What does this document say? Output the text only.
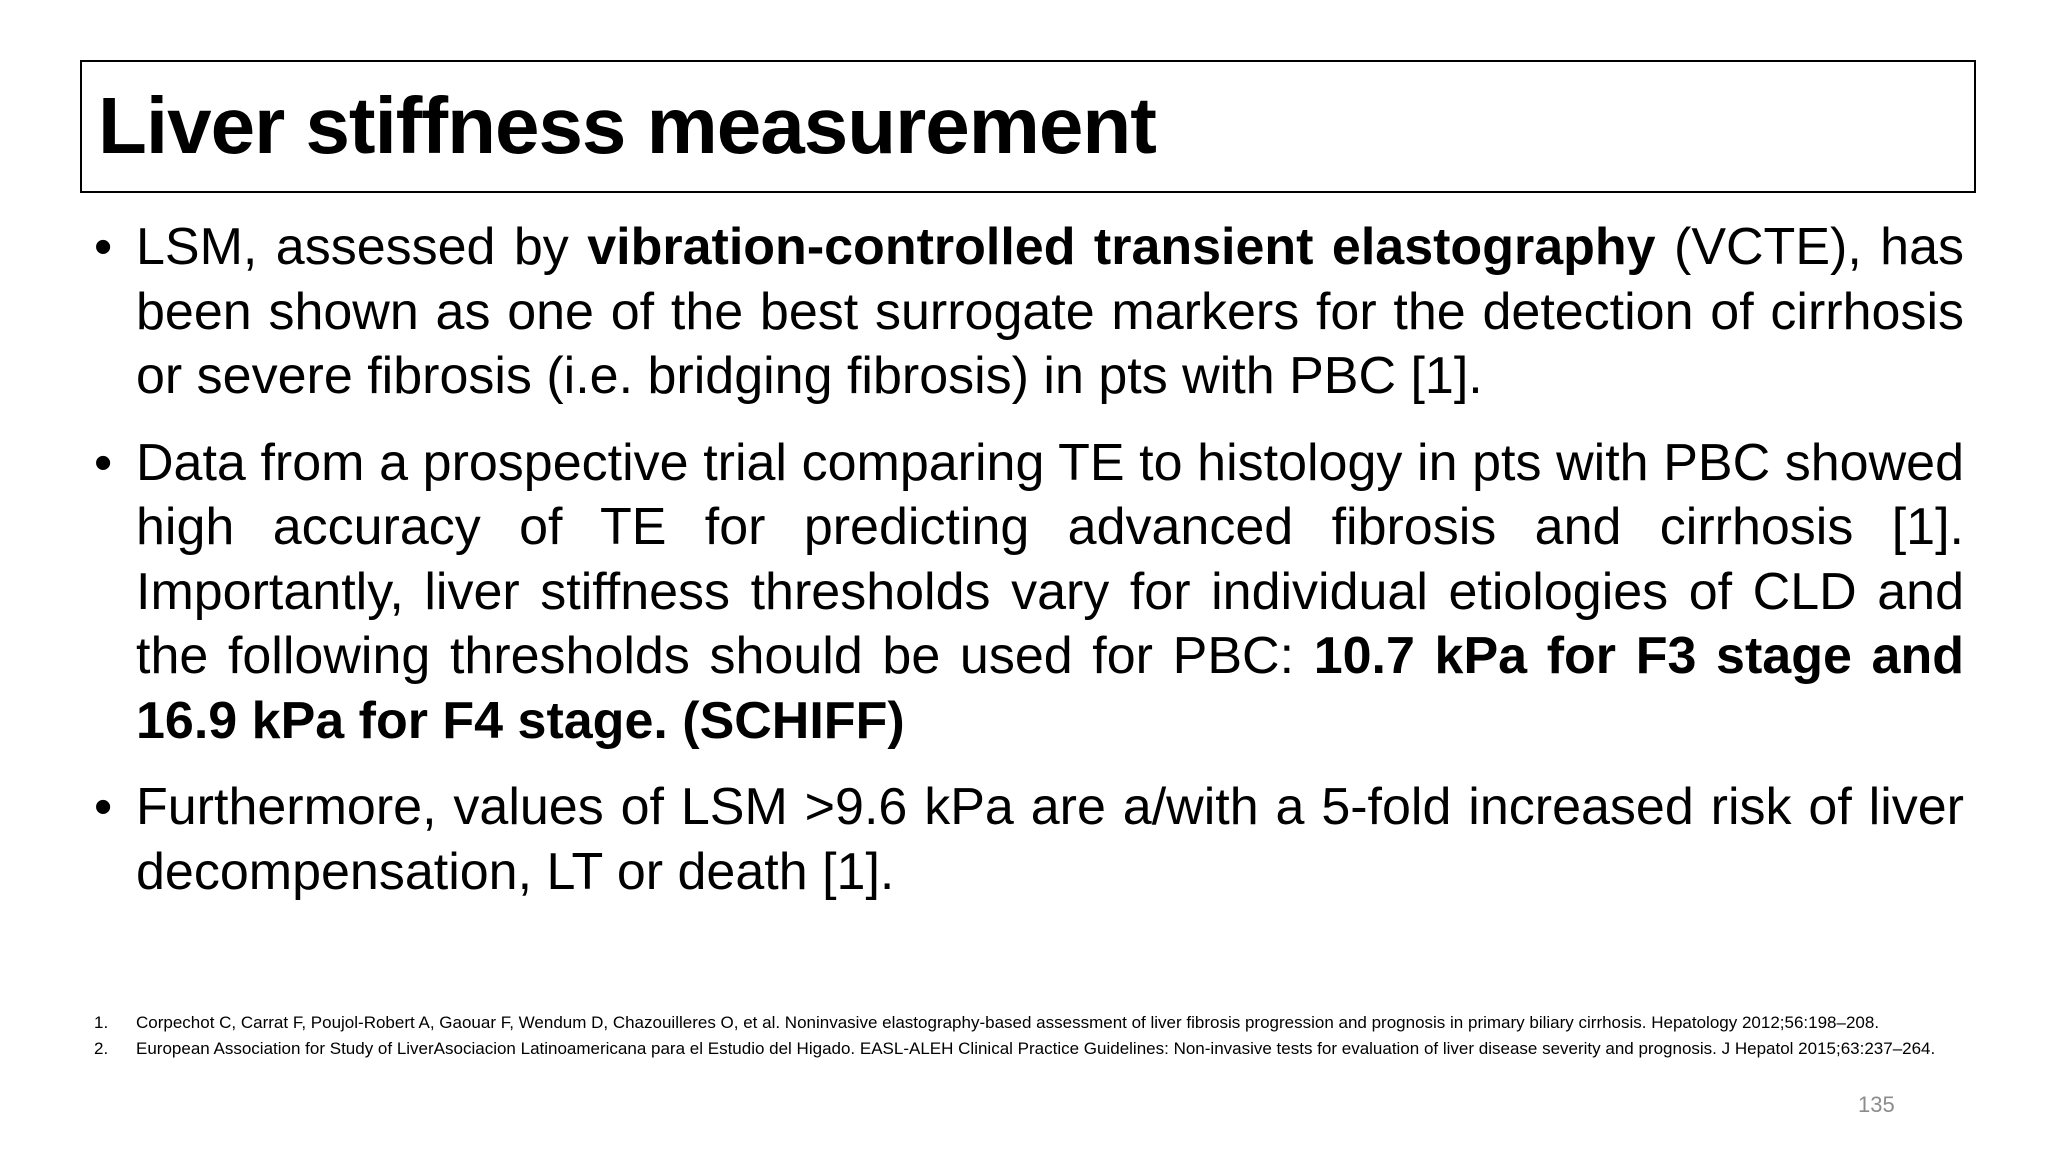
Liver stiffness measurement
• LSM, assessed by vibration-controlled transient elastography (VCTE), has been shown as one of the best surrogate markers for the detection of cirrhosis or severe fibrosis (i.e. bridging fibrosis) in pts with PBC [1].
• Data from a prospective trial comparing TE to histology in pts with PBC showed high accuracy of TE for predicting advanced fibrosis and cirrhosis [1]. Importantly, liver stiffness thresholds vary for individual etiologies of CLD and the following thresholds should be used for PBC: 10.7 kPa for F3 stage and 16.9 kPa for F4 stage. (SCHIFF)
• Furthermore, values of LSM >9.6 kPa are a/with a 5-fold increased risk of liver decompensation, LT or death [1].
1. Corpechot C, Carrat F, Poujol-Robert A, Gaouar F, Wendum D, Chazouilleres O, et al. Noninvasive elastography-based assessment of liver fibrosis progression and prognosis in primary biliary cirrhosis. Hepatology 2012;56:198–208.
2. European Association for Study of LiverAsociacion Latinoamericana para el Estudio del Higado. EASL-ALEH Clinical Practice Guidelines: Non-invasive tests for evaluation of liver disease severity and prognosis. J Hepatol 2015;63:237–264.
135
